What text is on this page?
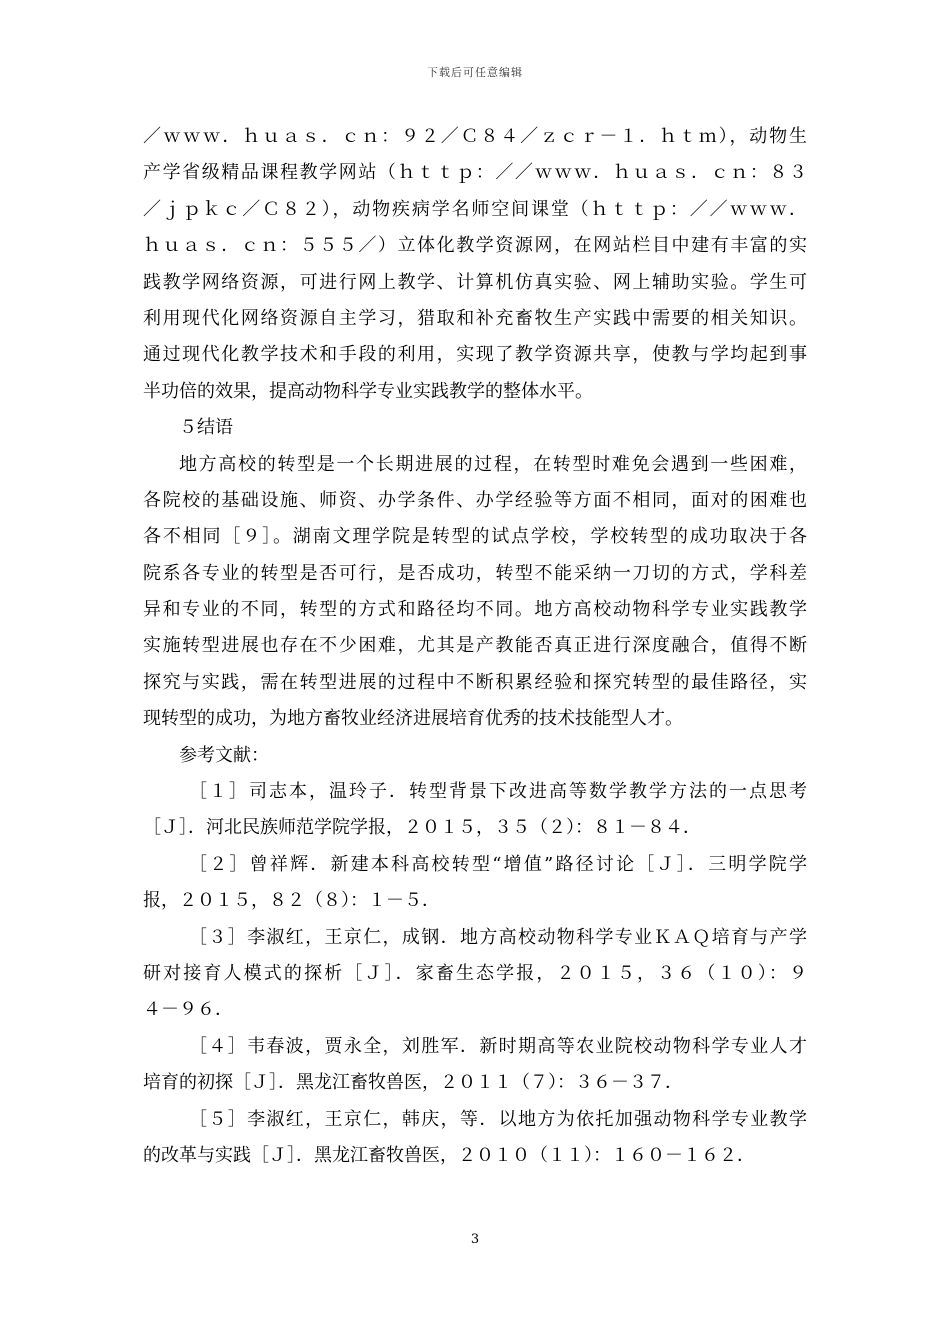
下载后可任意编辑
／ｗｗｗ．ｈｕａｓ．ｃｎ：９２／Ｃ８４／ｚｃｒ－１．ｈｔｍ），动物生
产学省级精品课程教学网站（ｈｔｔｐ：／／ｗｗｗ．ｈｕａｓ．ｃｎ：８３
／ｊｐｋｃ／Ｃ８２），动物疾病学名师空间课堂（ｈｔｔｐ：／／ｗｗｗ．
ｈｕａｓ．ｃｎ：５５５／）立体化教学资源网，在网站栏目中建有丰富的实
践教学网络资源，可进行网上教学、计算机仿真实验、网上辅助实验。学生可
利用现代化网络资源自主学习，猎取和补充畜牧生产实践中需要的相关知识。
通过现代化教学技术和手段的利用，实现了教学资源共享，使教与学均起到事
半功倍的效果，提高动物科学专业实践教学的整体水平。
５结语
地方高校的转型是一个长期进展的过程，在转型时难免会遇到一些困难，
各院校的基础设施、师资、办学条件、办学经验等方面不相同，面对的困难也
各不相同［９］。湖南文理学院是转型的试点学校，学校转型的成功取决于各
院系各专业的转型是否可行，是否成功，转型不能采纳一刀切的方式，学科差
异和专业的不同，转型的方式和路径均不同。地方高校动物科学专业实践教学
实施转型进展也存在不少困难，尤其是产教能否真正进行深度融合，值得不断
探究与实践，需在转型进展的过程中不断积累经验和探究转型的最佳路径，实
现转型的成功，为地方畜牧业经济进展培育优秀的技术技能型人才。
参考文献：
［１］司志本，温玲子．转型背景下改进高等数学教学方法的一点思考
［Ｊ］．河北民族师范学院学报，２０１５，３５（２）：８１－８４．
［２］曾祥辉．新建本科高校转型“增值”路径讨论［Ｊ］．三明学院学
报，２０１５，８２（８）：１－５．
［３］李淑红，王京仁，成钢．地方高校动物科学专业ＫＡＱ培育与产学
研对接育人模式的探析［Ｊ］．家畜生态学报，２０１５，３６（１０）：９
４－９６．
［４］韦春波，贾永全，刘胜军．新时期高等农业院校动物科学专业人才
培育的初探［Ｊ］．黑龙江畜牧兽医，２０１１（７）：３６－３７．
［５］李淑红，王京仁，韩庆，等．以地方为依托加强动物科学专业教学
的改革与实践［Ｊ］．黑龙江畜牧兽医，２０１０（１１）：１６０－１６２．
3
